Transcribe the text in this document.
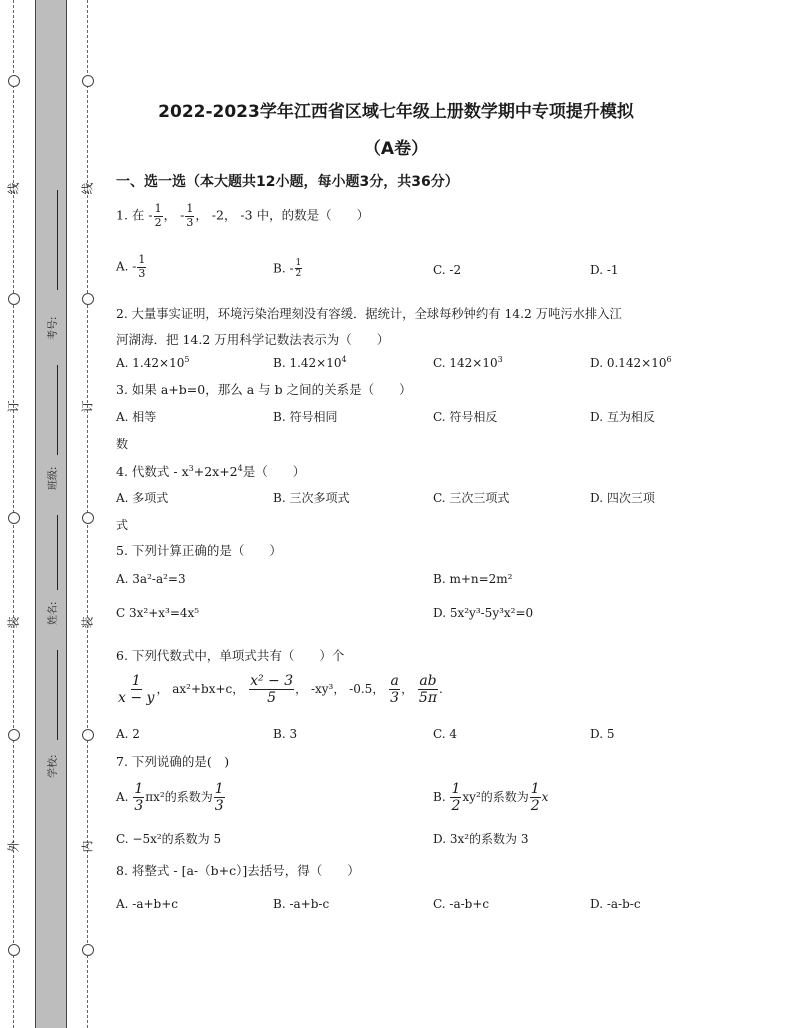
线
订
装
外
线
订
装
内
考号:
班级:
姓名:
学校:
2022-2023学年江西省区域七年级上册数学期中专项提升模拟
（A卷）
一、选一选（本大题共12小题，每小题3分，共36分）
1. 在 - $\frac{1}{2}$ ， - $\frac{1}{3}$ ， -2， -3 中，的数是（　　）
A. - $\frac{1}{3}$	B. - $\frac{1}{2}$	C. -2	D. -1
2. 大量事实证明，环境污染治理刻没有容缓．据统计，全球每秒钟约有 14.2 万吨污水排入江
河湖海．把 14.2 万用科学记数法表示为（　　）
A. $1.42\times 10^5$	B. $1.42\times 10^4$	C. $142\times 10^3$	D. $0.142\times 10^6$
3. 如果 a+b=0，那么 a 与 b 之间的关系是（　　）
A. 相等	B. 符号相同	C. 符号相反	D. 互为相反
数
4. 代数式 - $x^3+2x+2^4$是（　　）
A. 多项式	B. 三次多项式	C. 三次三项式	D. 四次三项
式
5. 下列计算正确的是（　　）
A. 3a²-a²=3	B. m+n=2m²
C 3x²+x³=4x⁵	D. 5x²y³-5y³x²=0
6. 下列代数式中，单项式共有（　　）个
$\frac{1}{x - y}$ ， ax²+bx+c， $\frac{\text{x² − 3}}{5}$ ， -xy³， -0.5， $\frac{a}{3}$ ， $\frac{ab}{5\pi}$ .
A. 2	B. 3	C. 4	D. 5
7. 下列说确的是(　)
A. $\frac{1}{3} \pi x^2$的系数为 $\frac{1}{3}$	B. $\frac{1}{2} xy^2$的系数为 $\frac{1}{2}$ x
C. −5x²的系数为 5	D. 3x²的系数为 3
8. 将整式 - [a-（b+c）]去括号，得（　　）
A. -a+b+c	B. -a+b-c	C. -a-b+c	D. -a-b-c
